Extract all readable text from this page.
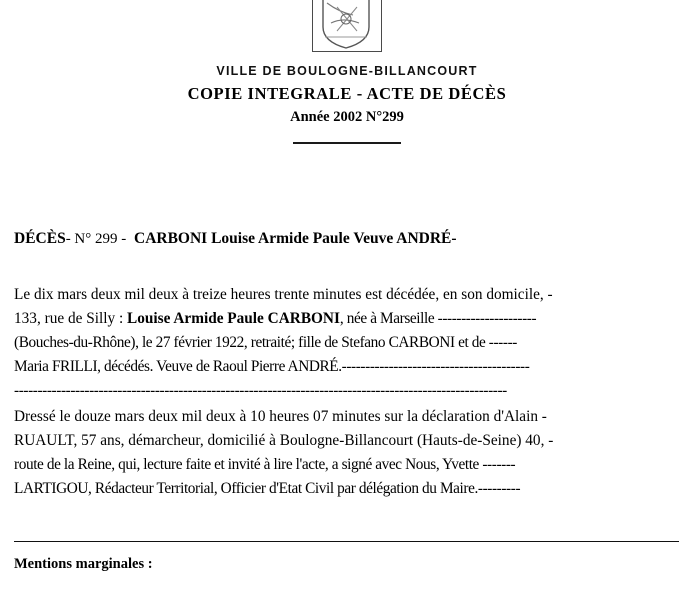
VILLE DE BOULOGNE-BILLANCOURT
COPIE INTEGRALE - ACTE DE DÉCÈS
Année 2002 N°299
DÉCÈS- N° 299 - CARBONI Louise Armide Paule Veuve ANDRÉ-
Le dix mars deux mil deux à treize heures trente minutes est décédée, en son domicile, -
133, rue de Silly : Louise Armide Paule CARBONI, née à Marseille ---------------------
(Bouches-du-Rhône), le 27 février 1922, retraité; fille de Stefano CARBONI et de ------
Maria FRILLI, décédés. Veuve de Raoul Pierre ANDRÉ.----------------------------------------
---------------------------------------------------------------------------------------------------------
Dressé le douze mars deux mil deux à 10 heures 07 minutes sur la déclaration d'Alain -
RUAULT, 57 ans, démarcheur, domicilié à Boulogne-Billancourt (Hauts-de-Seine) 40, -
route de la Reine, qui, lecture faite et invité à lire l'acte, a signé avec Nous, Yvette -------
LARTIGOU, Rédacteur Territorial, Officier d'Etat Civil par délégation du Maire.---------
Mentions marginales :
